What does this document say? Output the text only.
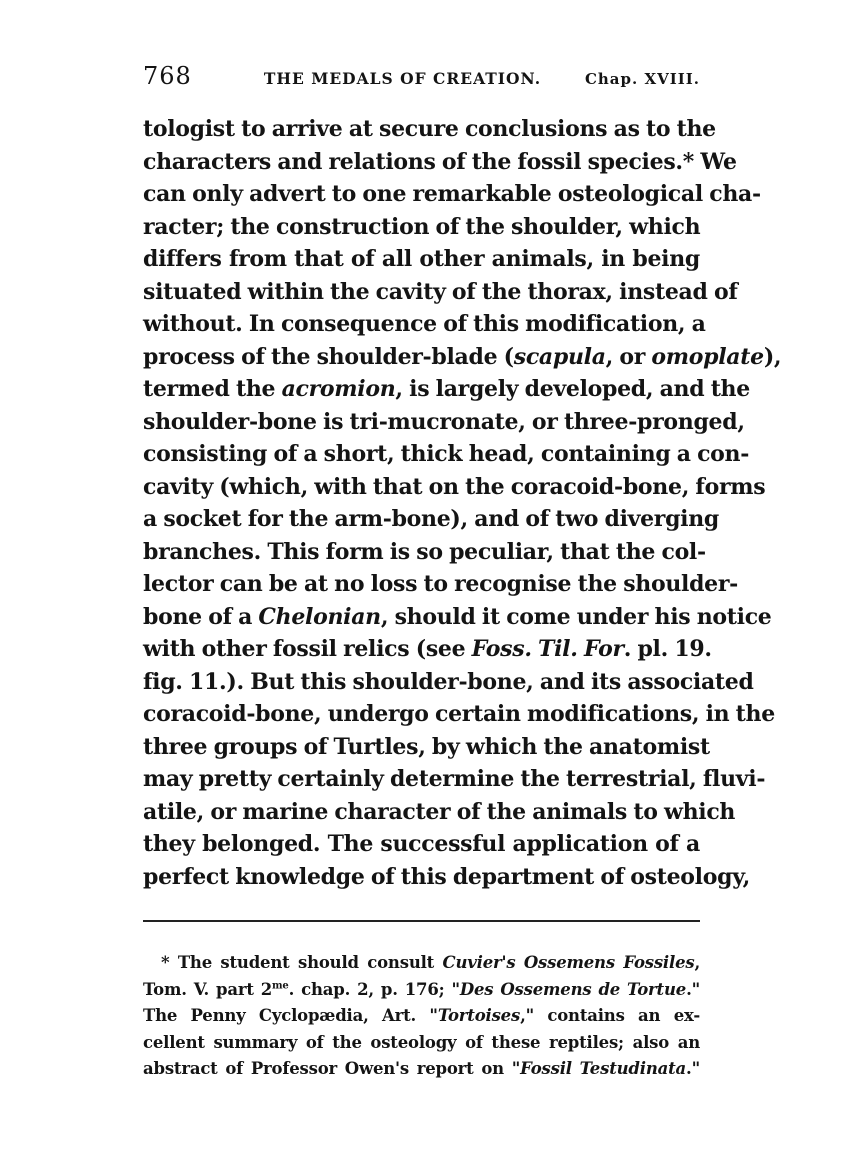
768	THE MEDALS OF CREATION.	Chap. XVIII.
tologist to arrive at secure conclusions as to the
characters and relations of the fossil species.* We
can only advert to one remarkable osteological cha-
racter; the construction of the shoulder, which
differs from that of all other animals, in being
situated within the cavity of the thorax, instead of
without. In consequence of this modification, a
process of the shoulder-blade (scapula, or omoplate),
termed the acromion, is largely developed, and the
shoulder-bone is tri-mucronate, or three-pronged,
consisting of a short, thick head, containing a con-
cavity (which, with that on the coracoid-bone, forms
a socket for the arm-bone), and of two diverging
branches. This form is so peculiar, that the col-
lector can be at no loss to recognise the shoulder-
bone of a Chelonian, should it come under his notice
with other fossil relics (see Foss. Til. For. pl. 19.
fig. 11.). But this shoulder-bone, and its associated
coracoid-bone, undergo certain modifications, in the
three groups of Turtles, by which the anatomist
may pretty certainly determine the terrestrial, fluvi-
atile, or marine character of the animals to which
they belonged. The successful application of a
perfect knowledge of this department of osteology,
* The student should consult Cuvier's Ossemens Fossiles,
Tom. V. part $2^{me}$. chap. 2, p. 176; "Des Ossemens de Tortue."
The Penny Cyclopædia, Art. "Tortoises," contains an ex-
cellent summary of the osteology of these reptiles; also an
abstract of Professor Owen's report on "Fossil Testudinata."
